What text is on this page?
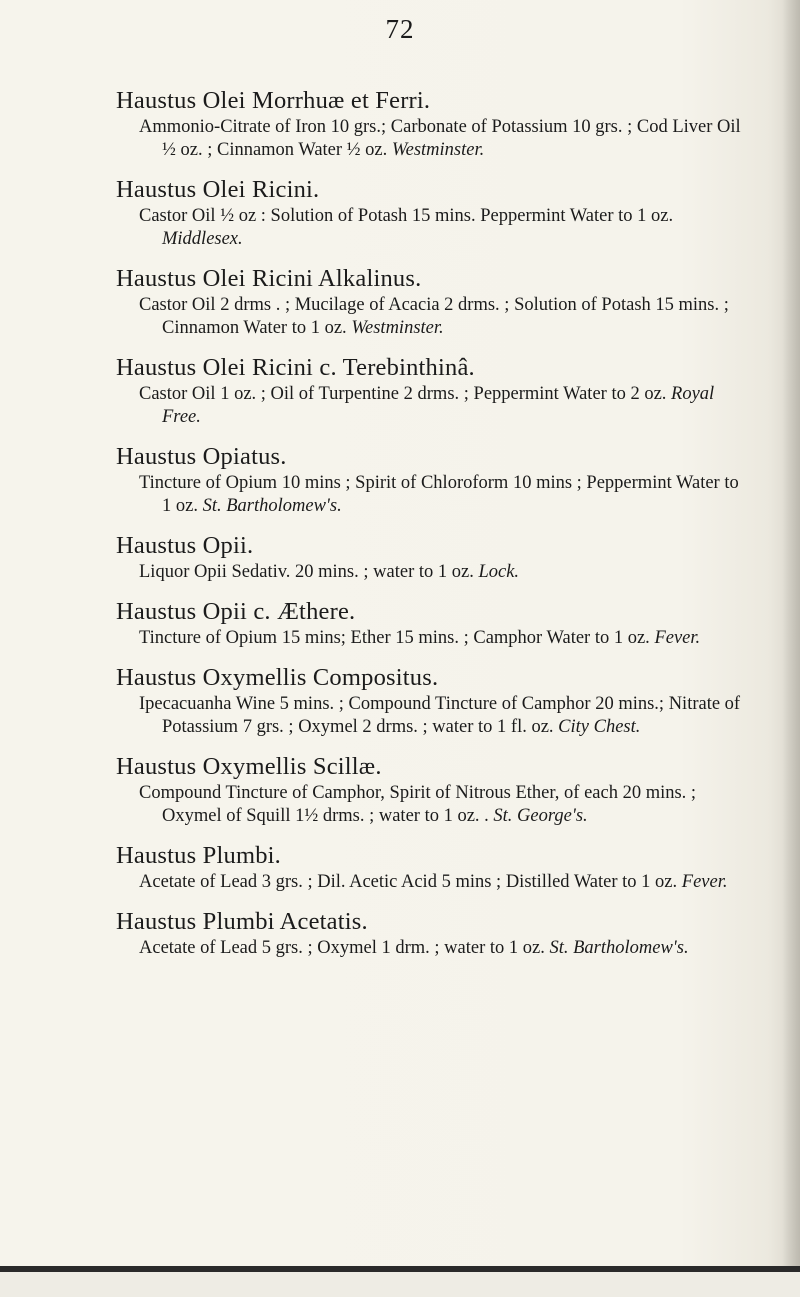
72

Haustus Olei Morrhuæ et Ferri.

Ammonio-Citrate of Iron 10 grs.; Carbonate of Potassium 10 grs. ; Cod Liver Oil ½ oz. ; Cinnamon Water ½ oz. Westminster.

Haustus Olei Ricini.

Castor Oil ½ oz : Solution of Potash 15 mins. Peppermint Water to 1 oz. Middlesex.

Haustus Olei Ricini Alkalinus.

Castor Oil 2 drms . ; Mucilage of Acacia 2 drms. ; Solution of Potash 15 mins. ; Cinnamon Water to 1 oz. Westminster.

Haustus Olei Ricini c. Terebinthinâ.

Castor Oil 1 oz. ; Oil of Turpentine 2 drms. ; Peppermint Water to 2 oz. Royal Free.

Haustus Opiatus.

Tincture of Opium 10 mins ; Spirit of Chloroform 10 mins ; Peppermint Water to 1 oz. St. Bartholomew's.

Haustus Opii.

Liquor Opii Sedativ. 20 mins. ; water to 1 oz. Lock.

Haustus Opii c. Æthere.

Tincture of Opium 15 mins; Ether 15 mins. ; Camphor Water to 1 oz. Fever.

Haustus Oxymellis Compositus.

Ipecacuanha Wine 5 mins. ; Compound Tincture of Camphor 20 mins.; Nitrate of Potassium 7 grs. ; Oxymel 2 drms. ; water to 1 fl. oz. City Chest.

Haustus Oxymellis Scillæ.

Compound Tincture of Camphor, Spirit of Nitrous Ether, of each 20 mins. ; Oxymel of Squill 1½ drms. ; water to 1 oz. . St. George's.

Haustus Plumbi.

Acetate of Lead 3 grs. ; Dil. Acetic Acid 5 mins ; Distilled Water to 1 oz. Fever.

Haustus Plumbi Acetatis.

Acetate of Lead 5 grs. ; Oxymel 1 drm. ; water to 1 oz. St. Bartholomew's.
